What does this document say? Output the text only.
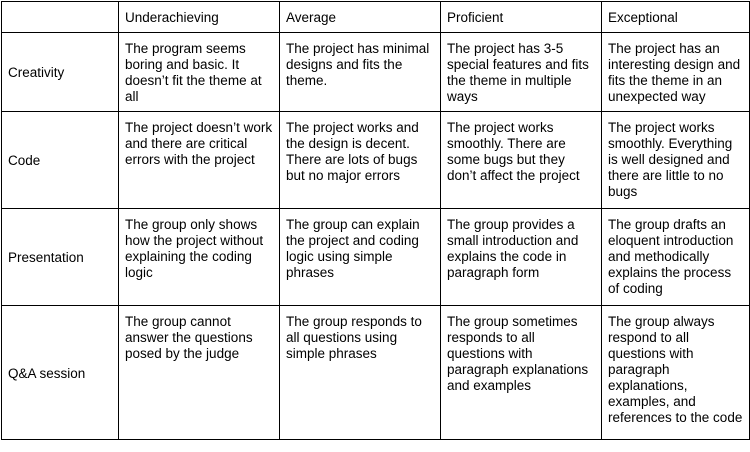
	Underachieving	Average	Proficient	Exceptional
Creativity	The program seems boring and basic. It doesn’t fit the theme at all	The project has minimal designs and fits the theme.	The project has 3-5 special features and fits the theme in multiple ways	The project has an interesting design and fits the theme in an unexpected way
Code	The project doesn’t work and there are critical errors with the project	The project works and the design is decent. There are lots of bugs but no major errors	The project works smoothly. There are some bugs but they don’t affect the project	The project works smoothly. Everything is well designed and there are little to no bugs
Presentation	The group only shows how the project without explaining the coding logic	The group can explain the project and coding logic using simple phrases	The group provides a small introduction and explains the code in paragraph form	The group drafts an eloquent introduction and methodically explains the process of coding
Q&A session	The group cannot answer the questions posed by the judge	The group responds to all questions using simple phrases	The group sometimes responds to all questions with paragraph explanations and examples	The group always respond to all questions with paragraph explanations, examples, and references to the code
